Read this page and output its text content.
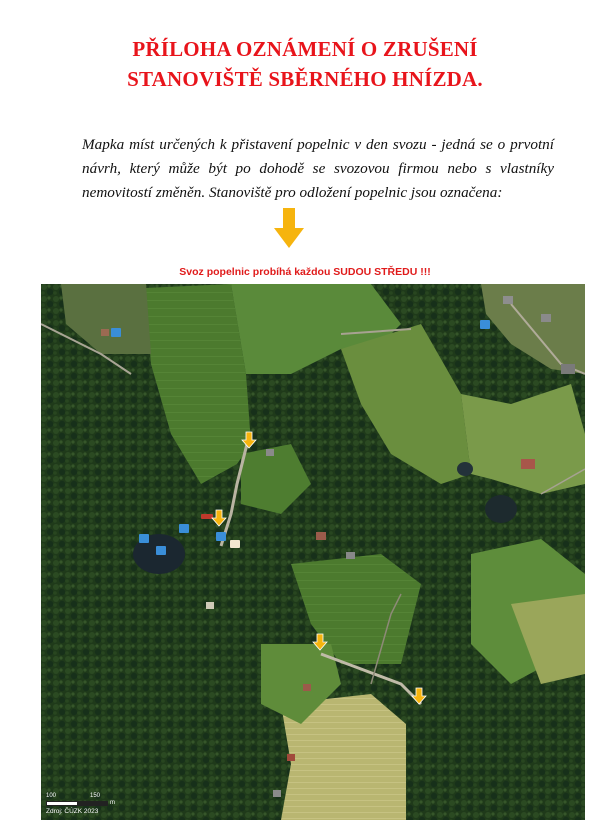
PŘÍLOHA OZNÁMENÍ O ZRUŠENÍ
STANOVIŠTĚ SBĚRNÉHO HNÍZDA.
Mapka míst určených k přistavení popelnic v den svozu - jedná se o prvotní návrh, který může být po dohodě se svozovou firmou nebo s vlastníky nemovitostí změněn. Stanoviště pro odložení popelnic jsou označena:
Svoz popelnic probíhá každou SUDOU STŘEDU !!!
100	150
m
Zdroj: ČÚZK 2023
